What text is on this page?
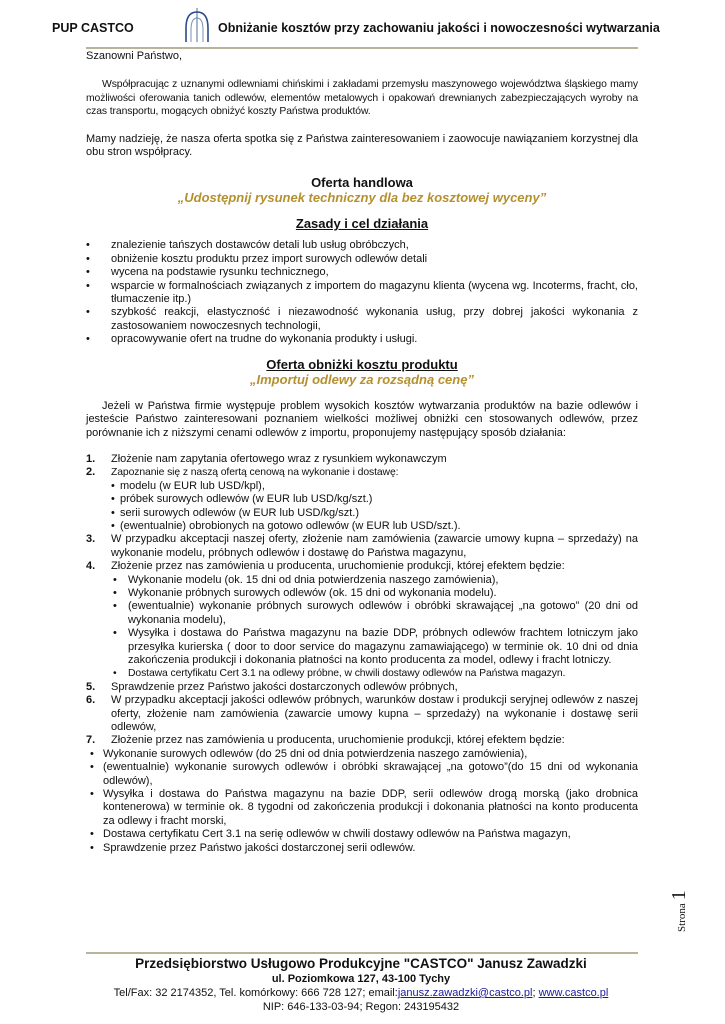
PUP CASTCO	Obniżanie kosztów przy zachowaniu jakości i nowoczesności wytwarzania

Szanowni Państwo,

Współpracując z uznanymi odlewniami chińskimi i zakładami przemysłu maszynowego województwa śląskiego mamy możliwości oferowania tanich odlewów, elementów metalowych i opakowań drewnianych zabezpieczających wyroby na czas transportu, mogących obniżyć koszty Państwa produktów.

Mamy nadzieję, że nasza oferta spotka się z Państwa zainteresowaniem i zaowocuje nawiązaniem korzystnej dla obu stron współpracy.

Oferta handlowa
„Udostępnij rysunek techniczny dla bez kosztowej wyceny”
Zasady i cel działania
• znalezienie tańszych dostawców detali lub usług obróbczych,
• obniżenie kosztu produktu przez import surowych odlewów detali
• wycena na podstawie rysunku technicznego,
• wsparcie w formalnościach związanych z importem do magazynu klienta (wycena wg. Incoterms, fracht, cło, tłumaczenie itp.)
• szybkość reakcji, elastyczność i niezawodność wykonania usług, przy dobrej jakości wykonania z zastosowaniem nowoczesnych technologii,
• opracowywanie ofert na trudne do wykonania produkty i usługi.
Oferta obniżki kosztu produktu
„Importuj odlewy za rozsądną cenę”

Jeżeli w Państwa firmie występuje problem wysokich kosztów wytwarzania produktów na bazie odlewów i jesteście Państwo zainteresowani poznaniem wielkości możliwej obniżki cen stosowanych odlewów, przez porównanie ich z niższymi cenami odlewów z importu, proponujemy następujący sposób działania:

1. Złożenie nam zapytania ofertowego wraz z rysunkiem wykonawczym
2. Zapoznanie się z naszą ofertą cenową na wykonanie i dostawę:
• modelu (w EUR lub USD/kpl),
• próbek surowych odlewów (w EUR lub USD/kg/szt.)
• serii surowych odlewów (w EUR lub USD/kg/szt.)
• (ewentualnie) obrobionych na gotowo odlewów (w EUR lub USD/szt.).
3. W przypadku akceptacji naszej oferty, złożenie nam zamówienia (zawarcie umowy kupna – sprzedaży) na wykonanie modelu, próbnych odlewów i dostawę do Państwa magazynu,
4. Złożenie przez nas zamówienia u producenta, uruchomienie produkcji, której efektem będzie:
• Wykonanie modelu (ok. 15 dni od dnia potwierdzenia naszego zamówienia),
• Wykonanie próbnych surowych odlewów (ok. 15 dni od wykonania modelu).
• (ewentualnie) wykonanie próbnych surowych odlewów i obróbki skrawającej „na gotowo” (20 dni od wykonania modelu),
• Wysyłka i dostawa do Państwa magazynu na bazie DDP, próbnych odlewów frachtem lotniczym jako przesyłka kurierska ( door to door service do magazynu zamawiającego) w terminie ok. 10 dni od dnia zakończenia produkcji i dokonania płatności na konto producenta za model, odlewy i fracht lotniczy.
• Dostawa certyfikatu Cert 3.1 na odlewy próbne, w chwili dostawy odlewów na Państwa magazyn.
5. Sprawdzenie przez Państwo jakości dostarczonych odlewów próbnych,
6. W przypadku akceptacji jakości odlewów próbnych, warunków dostaw i produkcji seryjnej odlewów z naszej oferty, złożenie nam zamówienia (zawarcie umowy kupna – sprzedaży) na wykonanie i dostawę serii odlewów,
7. Złożenie przez nas zamówienia u producenta, uruchomienie produkcji, której efektem będzie:
• Wykonanie surowych odlewów (do 25 dni od dnia potwierdzenia naszego zamówienia),
• (ewentualnie) wykonanie surowych odlewów i obróbki skrawającej „na gotowo”(do 15 dni od wykonania odlewów),
• Wysyłka i dostawa do Państwa magazynu na bazie DDP, serii odlewów drogą morską (jako drobnica kontenerowa) w terminie ok. 8 tygodni od zakończenia produkcji i dokonania płatności na konto producenta za odlewy i fracht morski,
• Dostawa certyfikatu Cert 3.1 na serię odlewów w chwili dostawy odlewów na Państwa magazyn,
• Sprawdzenie przez Państwo jakości dostarczonej serii odlewów.
Strona1
Przedsiębiorstwo Usługowo Produkcyjne "CASTCO" Janusz Zawadzki
ul. Poziomkowa 127, 43-100 Tychy
Tel/Fax: 32 2174352, Tel. komórkowy: 666 728 127; email:janusz.zawadzki@castco.pl; www.castco.pl
NIP: 646-133-03-94; Regon: 243195432
